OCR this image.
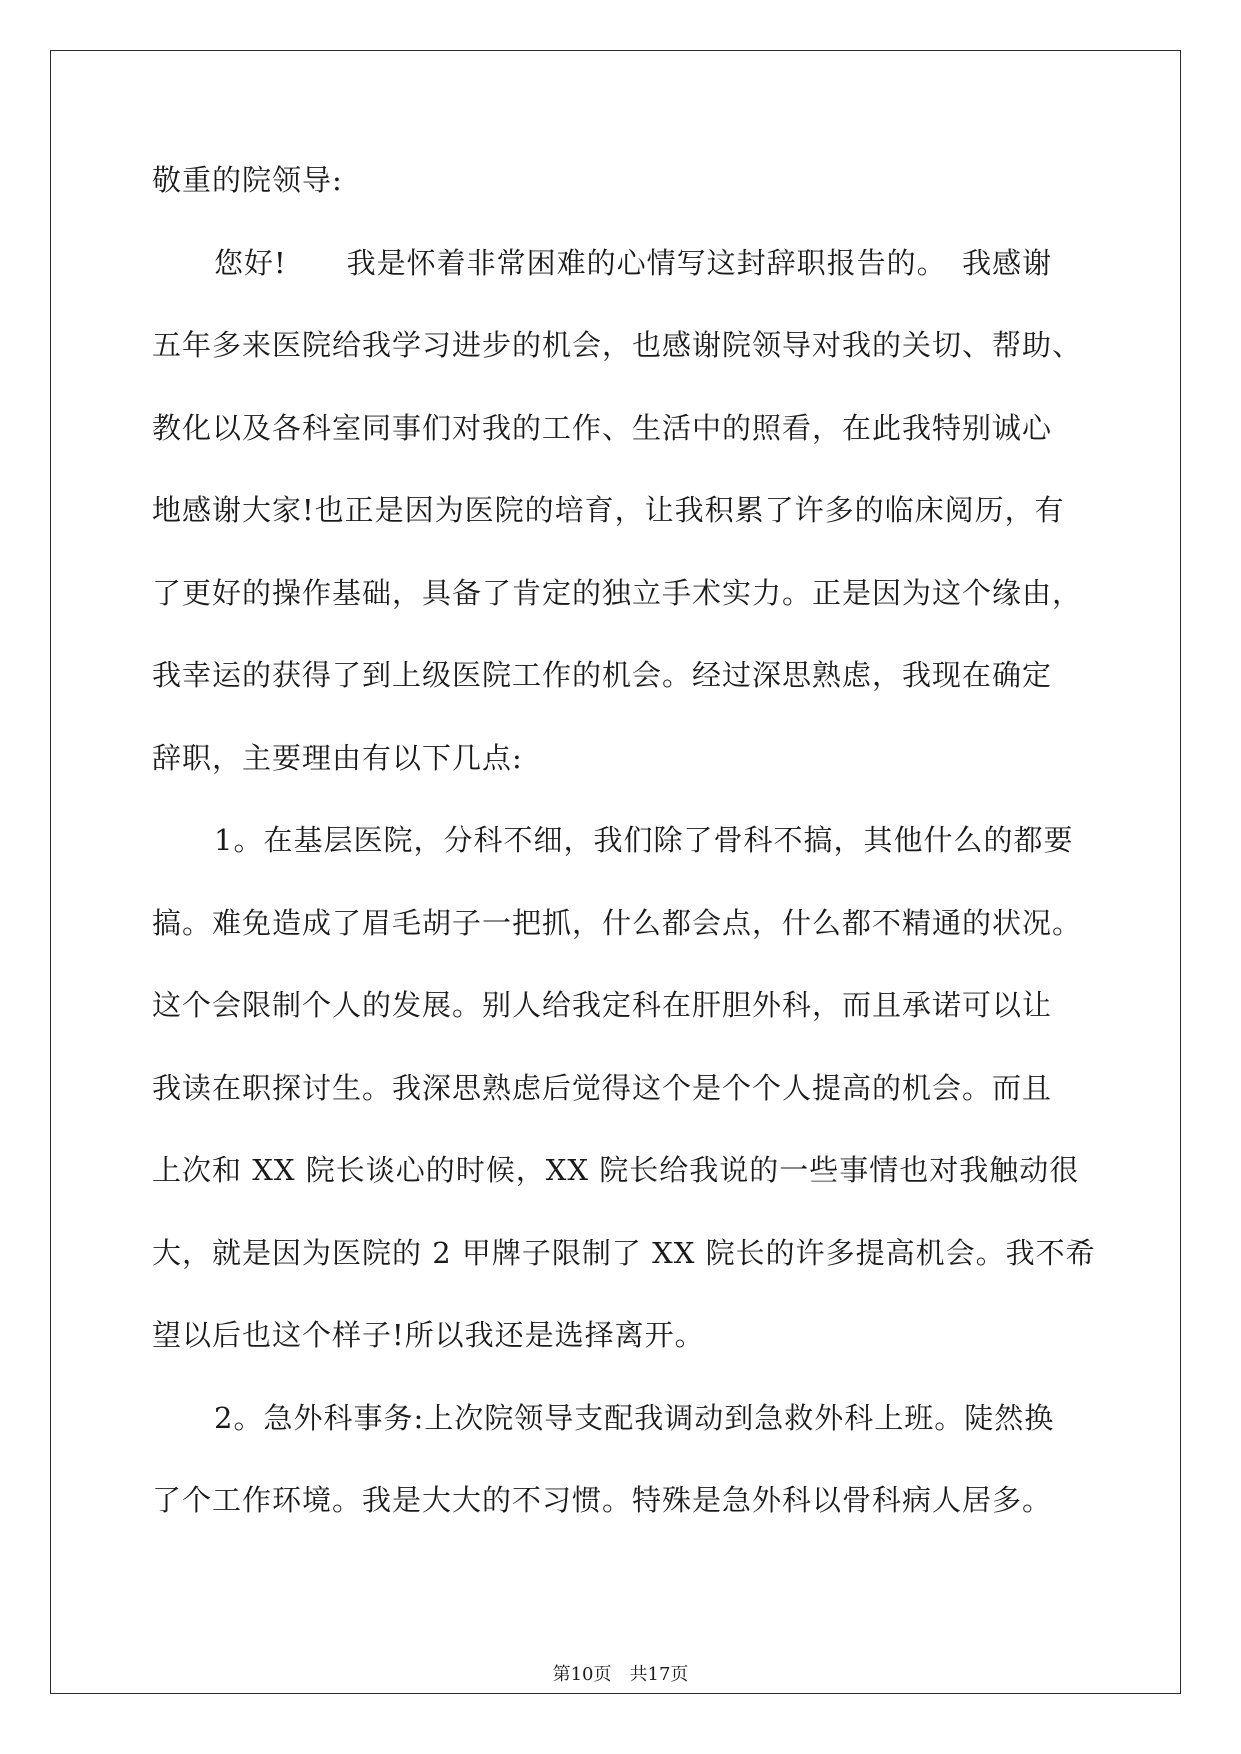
敬重的院领导:
您好!　　我是怀着非常困难的心情写这封辞职报告的。　我感谢
五年多来医院给我学习进步的机会，也感谢院领导对我的关切、帮助、
教化以及各科室同事们对我的工作、生活中的照看，在此我特别诚心
地感谢大家!也正是因为医院的培育，让我积累了许多的临床阅历，有
了更好的操作基础，具备了肯定的独立手术实力。正是因为这个缘由，
我幸运的获得了到上级医院工作的机会。经过深思熟虑，我现在确定
辞职，主要理由有以下几点:
1。在基层医院，分科不细，我们除了骨科不搞，其他什么的都要
搞。难免造成了眉毛胡子一把抓，什么都会点，什么都不精通的状况。
这个会限制个人的发展。别人给我定科在肝胆外科，而且承诺可以让
我读在职探讨生。我深思熟虑后觉得这个是个个人提高的机会。而且
上次和 XX 院长谈心的时候，XX 院长给我说的一些事情也对我触动很
大，就是因为医院的 2 甲牌子限制了 XX 院长的许多提高机会。我不希
望以后也这个样子!所以我还是选择离开。
2。急外科事务:上次院领导支配我调动到急救外科上班。陡然换
了个工作环境。我是大大的不习惯。特殊是急外科以骨科病人居多。
第10页　共17页
